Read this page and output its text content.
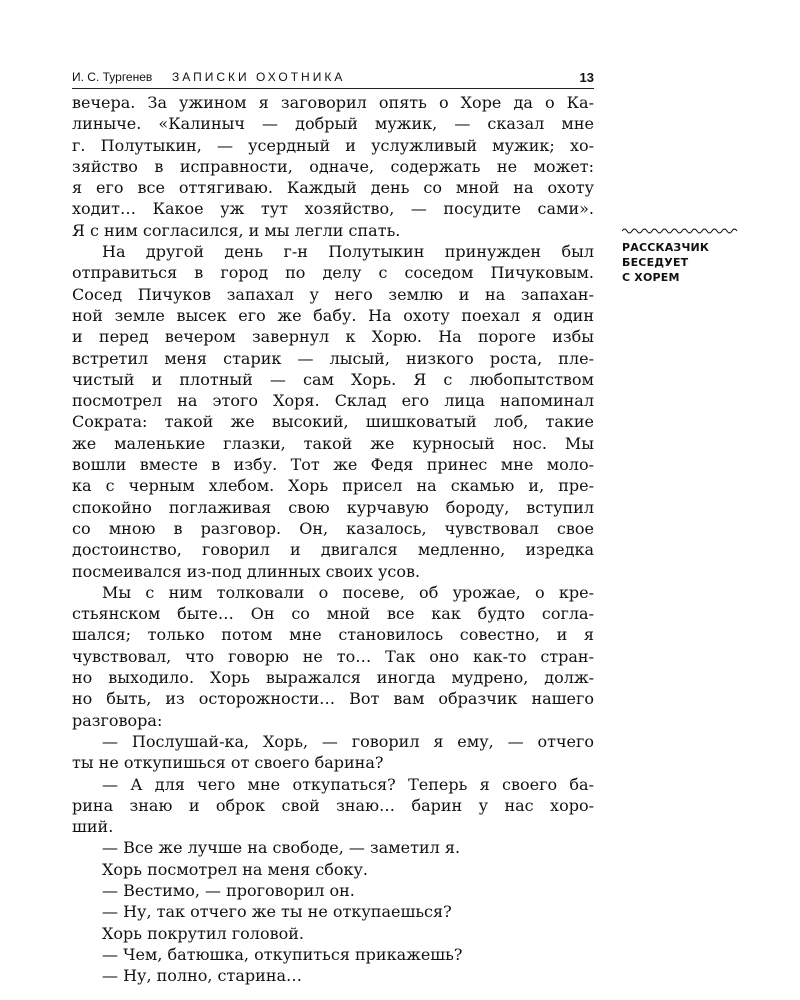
И. С. Тургенев ЗАПИСКИ ОХОТНИКА	13

вечера. За ужином я заговорил опять о Хоре да о Ка-
линыче. «Калиныч — добрый мужик, — сказал мне
г. Полутыкин, — усердный и услужливый мужик; хо-
зяйство в исправности, одначе, содержать не может:
я его все оттягиваю. Каждый день со мной на охоту
ходит… Какое уж тут хозяйство, — посудите сами».
Я с ним согласился, и мы легли спать.

На другой день г-н Полутыкин принужден был
отправиться в город по делу с соседом Пичуковым.
Сосед Пичуков запахал у него землю и на запахан-
ной земле высек его же бабу. На охоту поехал я один
и перед вечером завернул к Хорю. На пороге избы
встретил меня старик — лысый, низкого роста, пле-
чистый и плотный — сам Хорь. Я с любопытством
посмотрел на этого Хоря. Склад его лица напоминал
Сократа: такой же высокий, шишковатый лоб, такие
же маленькие глазки, такой же курносый нос. Мы
вошли вместе в избу. Тот же Федя принес мне моло-
ка с черным хлебом. Хорь присел на скамью и, пре-
спокойно поглаживая свою курчавую бороду, вступил
со мною в разговор. Он, казалось, чувствовал свое
достоинство, говорил и двигался медленно, изредка
посмеивался из-под длинных своих усов.

Мы с ним толковали о посеве, об урожае, о кре-
стьянском быте… Он со мной все как будто согла-
шался; только потом мне становилось совестно, и я
чувствовал, что говорю не то… Так оно как-то стран-
но выходило. Хорь выражался иногда мудрено, долж-
но быть, из осторожности… Вот вам образчик нашего
разговора:

— Послушай-ка, Хорь, — говорил я ему, — отчего
ты не откупишься от своего барина?

— А для чего мне откупаться? Теперь я своего ба-
рина знаю и оброк свой знаю… барин у нас хоро-
ший.

— Все же лучше на свободе, — заметил я.

Хорь посмотрел на меня сбоку.

— Вестимо, — проговорил он.

— Ну, так отчего же ты не откупаешься?

Хорь покрутил головой.

— Чем, батюшка, откупиться прикажешь?

— Ну, полно, старина…

РАССКАЗЧИК
БЕСЕДУЕТ
С ХОРЕМ
